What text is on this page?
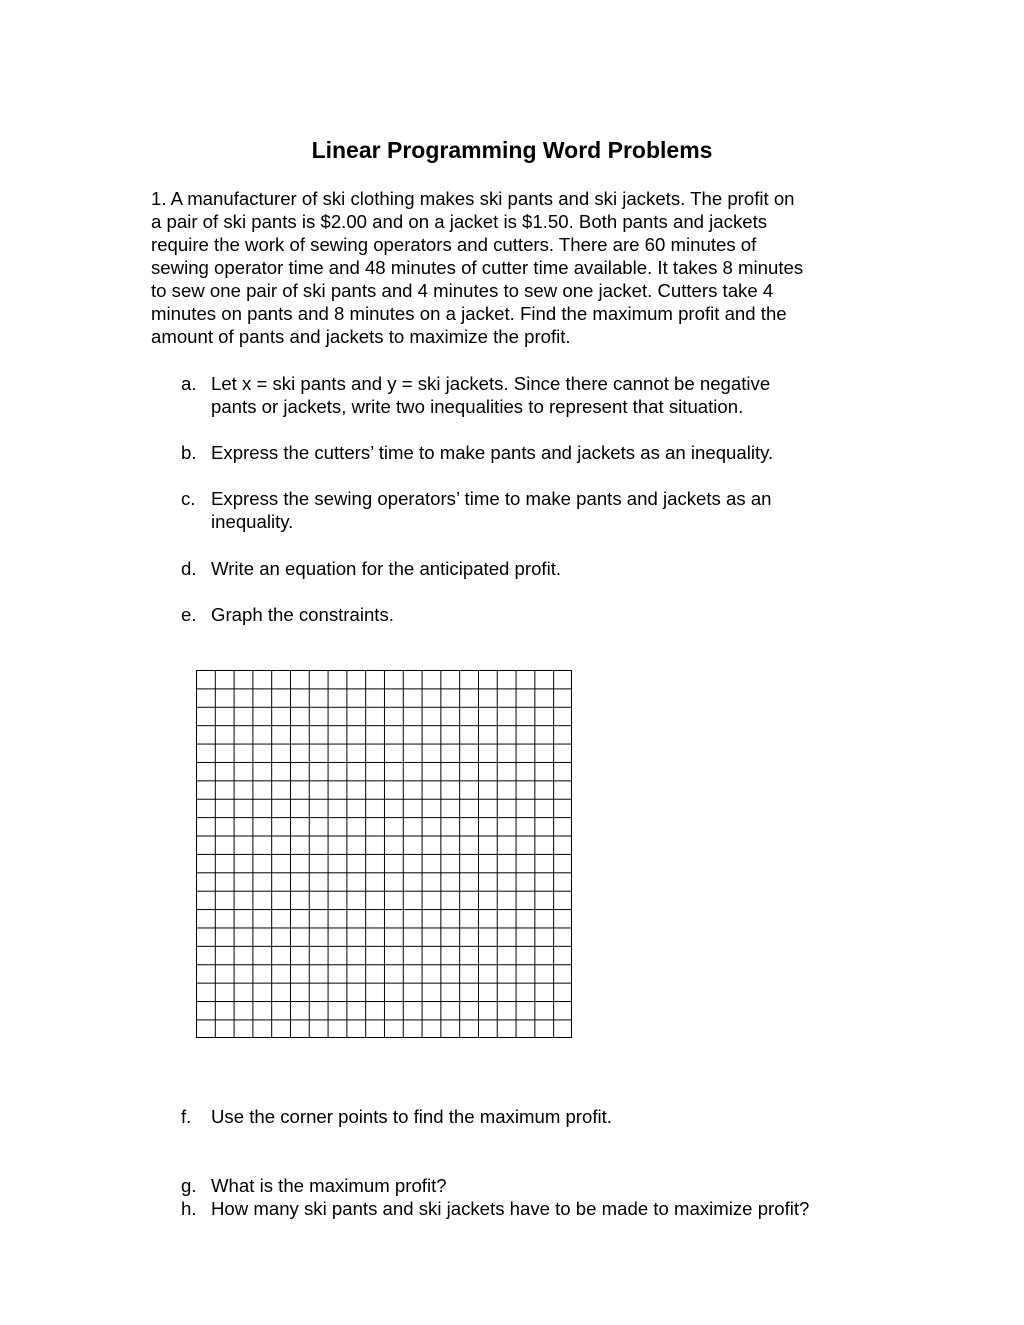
Linear Programming Word Problems
1. A manufacturer of ski clothing makes ski pants and ski jackets. The profit on
a pair of ski pants is $2.00 and on a jacket is $1.50. Both pants and jackets
require the work of sewing operators and cutters. There are 60 minutes of
sewing operator time and 48 minutes of cutter time available. It takes 8 minutes
to sew one pair of ski pants and 4 minutes to sew one jacket. Cutters take 4
minutes on pants and 8 minutes on a jacket. Find the maximum profit and the
amount of pants and jackets to maximize the profit.
a. Let x = ski pants and y = ski jackets. Since there cannot be negative
pants or jackets, write two inequalities to represent that situation.
b. Express the cutters’ time to make pants and jackets as an inequality.
c. Express the sewing operators’ time to make pants and jackets as an
inequality.
d. Write an equation for the anticipated profit.
e. Graph the constraints.
f. Use the corner points to find the maximum profit.
g. What is the maximum profit?
h. How many ski pants and ski jackets have to be made to maximize profit?
